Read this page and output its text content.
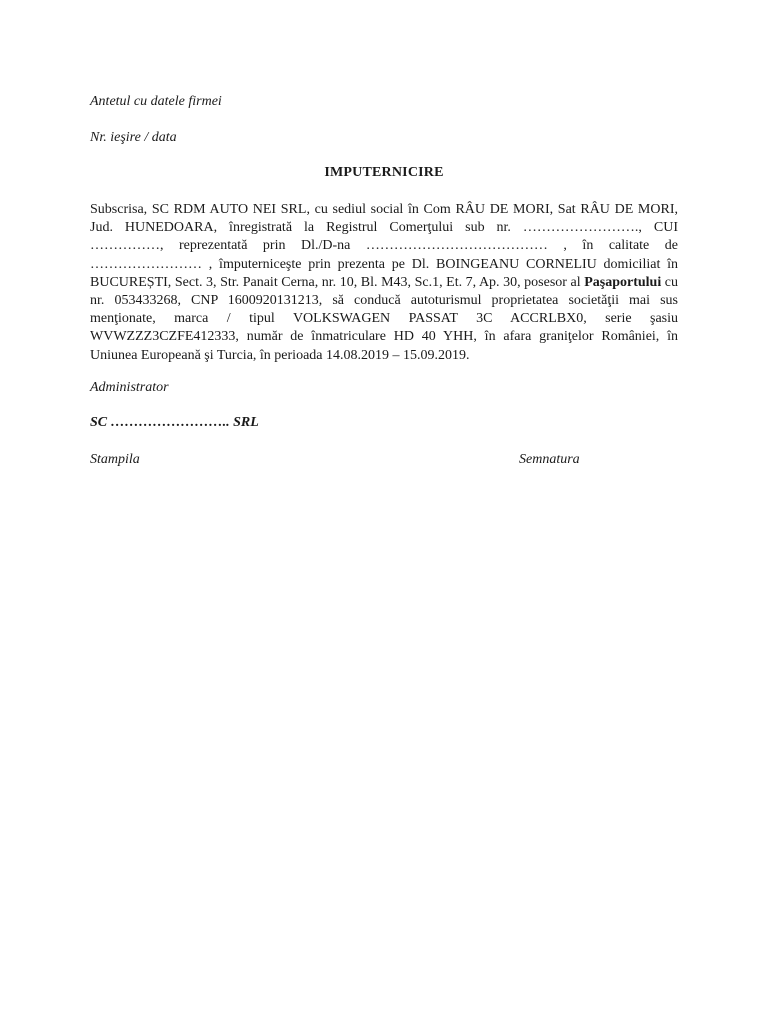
Antetul cu datele firmei
Nr. ieşire / data
IMPUTERNICIRE
Subscrisa, SC RDM AUTO NEI SRL, cu sediul social în Com RÂU DE MORI, Sat RÂU DE MORI, Jud. HUNEDOARA, înregistrată la Registrul Comerţului sub nr. ……………………., CUI ……………, reprezentată prin Dl./D-na ………………………………… , în calitate de …………………… , împuterniceşte prin prezenta pe Dl. BOINGEANU CORNELIU domiciliat în BUCUREȘTI, Sect. 3, Str. Panait Cerna, nr. 10, Bl. M43, Sc.1, Et. 7, Ap. 30, posesor al Paşaportului cu nr. 053433268, CNP 1600920131213, să conducă autoturismul proprietatea societăţii mai sus menţionate, marca / tipul VOLKSWAGEN PASSAT 3C ACCRLBX0, serie şasiu WVWZZZ3CZFE412333, număr de înmatriculare HD 40 YHH, în afara graniţelor României, în Uniunea Europeană şi Turcia, în perioada 14.08.2019 – 15.09.2019.
Administrator
SC …………………….. SRL
Stampila	Semnatura
